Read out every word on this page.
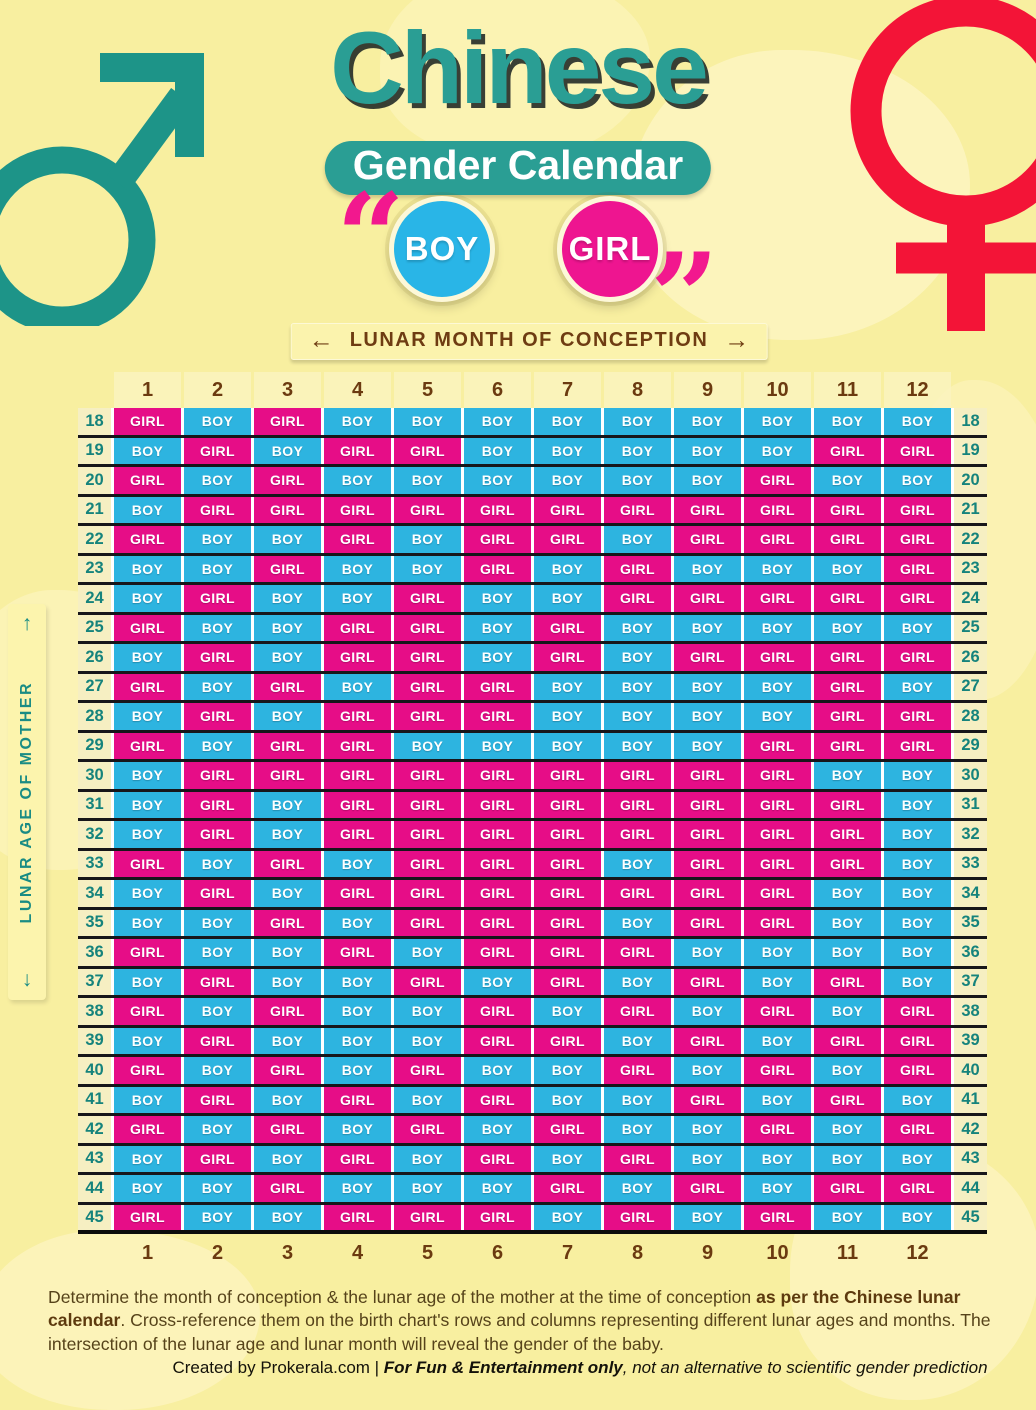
Chinese
Gender Calendar
BOY	GIRL
“ ”
← LUNAR MONTH OF CONCEPTION →
↑
LUNAR AGE OF MOTHER
↓
1	2	3	4	5	6	7	8	9	10	11	12
18	GIRL	BOY	GIRL	BOY	BOY	BOY	BOY	BOY	BOY	BOY	BOY	BOY	18
19	BOY	GIRL	BOY	GIRL	GIRL	BOY	BOY	BOY	BOY	BOY	GIRL	GIRL	19
20	GIRL	BOY	GIRL	BOY	BOY	BOY	BOY	BOY	BOY	GIRL	BOY	BOY	20
21	BOY	GIRL	GIRL	GIRL	GIRL	GIRL	GIRL	GIRL	GIRL	GIRL	GIRL	GIRL	21
22	GIRL	BOY	BOY	GIRL	BOY	GIRL	GIRL	BOY	GIRL	GIRL	GIRL	GIRL	22
23	BOY	BOY	GIRL	BOY	BOY	GIRL	BOY	GIRL	BOY	BOY	BOY	GIRL	23
24	BOY	GIRL	BOY	BOY	GIRL	BOY	BOY	GIRL	GIRL	GIRL	GIRL	GIRL	24
25	GIRL	BOY	BOY	GIRL	GIRL	BOY	GIRL	BOY	BOY	BOY	BOY	BOY	25
26	BOY	GIRL	BOY	GIRL	GIRL	BOY	GIRL	BOY	GIRL	GIRL	GIRL	GIRL	26
27	GIRL	BOY	GIRL	BOY	GIRL	GIRL	BOY	BOY	BOY	BOY	GIRL	BOY	27
28	BOY	GIRL	BOY	GIRL	GIRL	GIRL	BOY	BOY	BOY	BOY	GIRL	GIRL	28
29	GIRL	BOY	GIRL	GIRL	BOY	BOY	BOY	BOY	BOY	GIRL	GIRL	GIRL	29
30	BOY	GIRL	GIRL	GIRL	GIRL	GIRL	GIRL	GIRL	GIRL	GIRL	BOY	BOY	30
31	BOY	GIRL	BOY	GIRL	GIRL	GIRL	GIRL	GIRL	GIRL	GIRL	GIRL	BOY	31
32	BOY	GIRL	BOY	GIRL	GIRL	GIRL	GIRL	GIRL	GIRL	GIRL	GIRL	BOY	32
33	GIRL	BOY	GIRL	BOY	GIRL	GIRL	GIRL	BOY	GIRL	GIRL	GIRL	BOY	33
34	BOY	GIRL	BOY	GIRL	GIRL	GIRL	GIRL	GIRL	GIRL	GIRL	BOY	BOY	34
35	BOY	BOY	GIRL	BOY	GIRL	GIRL	GIRL	BOY	GIRL	GIRL	BOY	BOY	35
36	GIRL	BOY	BOY	GIRL	BOY	GIRL	GIRL	GIRL	BOY	BOY	BOY	BOY	36
37	BOY	GIRL	BOY	BOY	GIRL	BOY	GIRL	BOY	GIRL	BOY	GIRL	BOY	37
38	GIRL	BOY	GIRL	BOY	BOY	GIRL	BOY	GIRL	BOY	GIRL	BOY	GIRL	38
39	BOY	GIRL	BOY	BOY	BOY	GIRL	GIRL	BOY	GIRL	BOY	GIRL	GIRL	39
40	GIRL	BOY	GIRL	BOY	GIRL	BOY	BOY	GIRL	BOY	GIRL	BOY	GIRL	40
41	BOY	GIRL	BOY	GIRL	BOY	GIRL	BOY	BOY	GIRL	BOY	GIRL	BOY	41
42	GIRL	BOY	GIRL	BOY	GIRL	BOY	GIRL	BOY	BOY	GIRL	BOY	GIRL	42
43	BOY	GIRL	BOY	GIRL	BOY	GIRL	BOY	GIRL	BOY	BOY	BOY	BOY	43
44	BOY	BOY	GIRL	BOY	BOY	BOY	GIRL	BOY	GIRL	BOY	GIRL	GIRL	44
45	GIRL	BOY	BOY	GIRL	GIRL	GIRL	BOY	GIRL	BOY	GIRL	BOY	BOY	45
1	2	3	4	5	6	7	8	9	10	11	12
Determine the month of conception & the lunar age of the mother at the time of conception as per the Chinese lunar calendar. Cross-reference them on the birth chart's rows and columns representing different lunar ages and months. The intersection of the lunar age and lunar month will reveal the gender of the baby.
Created by Prokerala.com | For Fun & Entertainment only, not an alternative to scientific gender prediction
